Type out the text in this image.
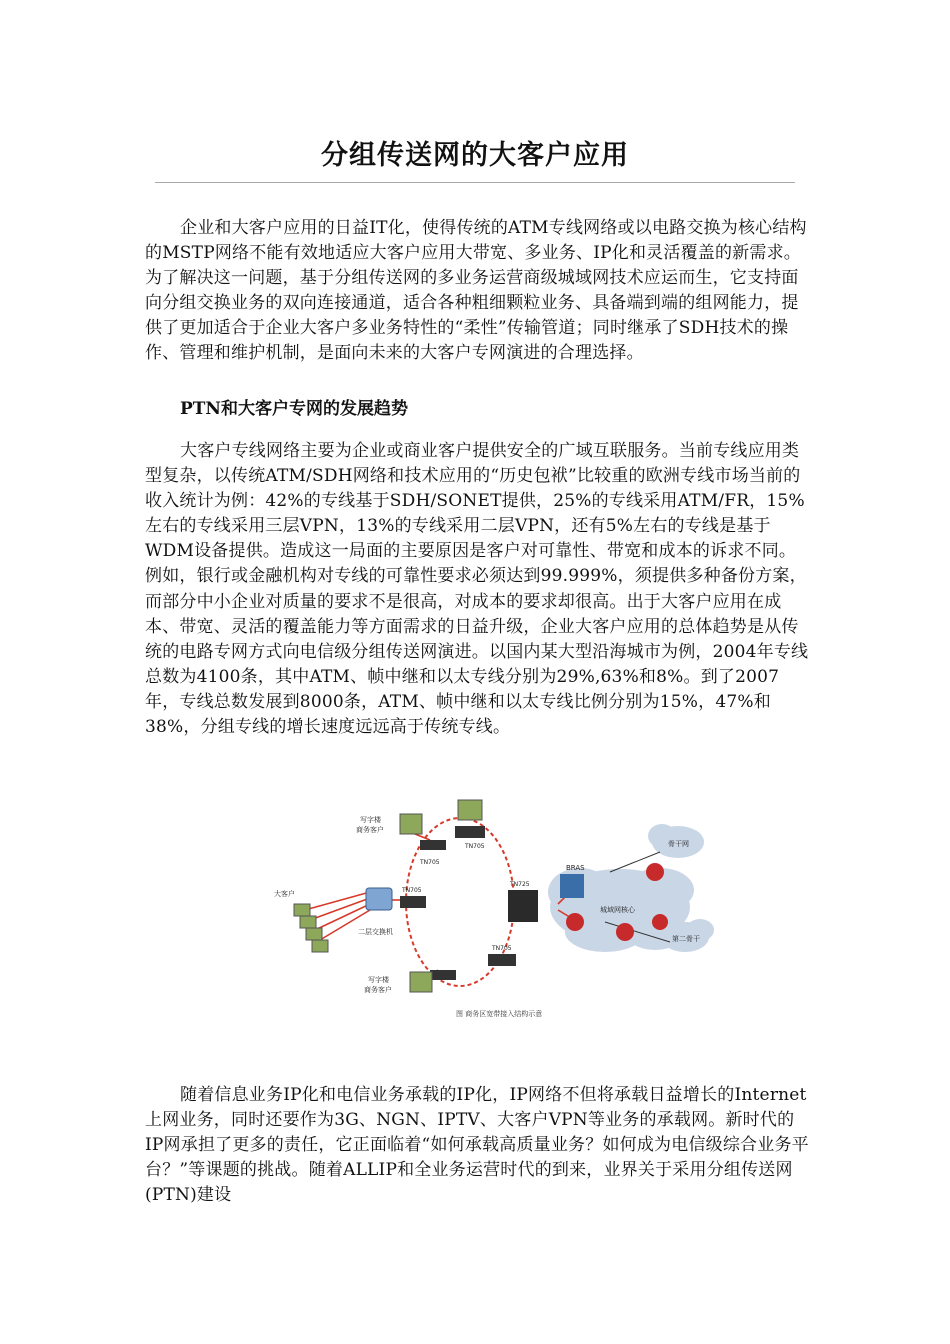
分组传送网的大客户应用

企业和大客户应用的日益IT化，使得传统的ATM专线网络或以电路交换为核心结构的MSTP网络不能有效地适应大客户应用大带宽、多业务、IP化和灵活覆盖的新需求。为了解决这一问题，基于分组传送网的多业务运营商级城域网技术应运而生，它支持面向分组交换业务的双向连接通道，适合各种粗细颗粒业务、具备端到端的组网能力，提供了更加适合于企业大客户多业务特性的“柔性”传输管道；同时继承了SDH技术的操作、管理和维护机制，是面向未来的大客户专网演进的合理选择。

PTN和大客户专网的发展趋势

大客户专线网络主要为企业或商业客户提供安全的广域互联服务。当前专线应用类型复杂，以传统ATM/SDH网络和技术应用的“历史包袱”比较重的欧洲专线市场当前的收入统计为例：42%的专线基于SDH/SONET提供，25%的专线采用ATM/FR，15%左右的专线采用三层VPN，13%的专线采用二层VPN，还有5%左右的专线是基于WDM设备提供。造成这一局面的主要原因是客户对可靠性、带宽和成本的诉求不同。例如，银行或金融机构对专线的可靠性要求必须达到99.999%，须提供多种备份方案，而部分中小企业对质量的要求不是很高，对成本的要求却很高。出于大客户应用在成本、带宽、灵活的覆盖能力等方面需求的日益升级，企业大客户应用的总体趋势是从传统的电路专网方式向电信级分组传送网演进。以国内某大型沿海城市为例，2004年专线总数为4100条，其中ATM、帧中继和以太专线分别为29%,63%和8%。到了2007年，专线总数发展到8000条，ATM、帧中继和以太专线比例分别为15%，47%和38%，分组专线的增长速度远远高于传统专线。

写字楼
商务客户
大客户
二层交换机
写字楼
商务客户
BRAS
城域网核心
骨干网
第二骨干
TN705
TN705
TN705
TN725
TN705
图 商务区宽带接入结构示意

随着信息业务IP化和电信业务承载的IP化，IP网络不但将承载日益增长的Internet上网业务，同时还要作为3G、NGN、IPTV、大客户VPN等业务的承载网。新时代的IP网承担了更多的责任，它正面临着“如何承载高质量业务？如何成为电信级综合业务平台？”等课题的挑战。随着ALLIP和全业务运营时代的到来，业界关于采用分组传送网(PTN)建设
